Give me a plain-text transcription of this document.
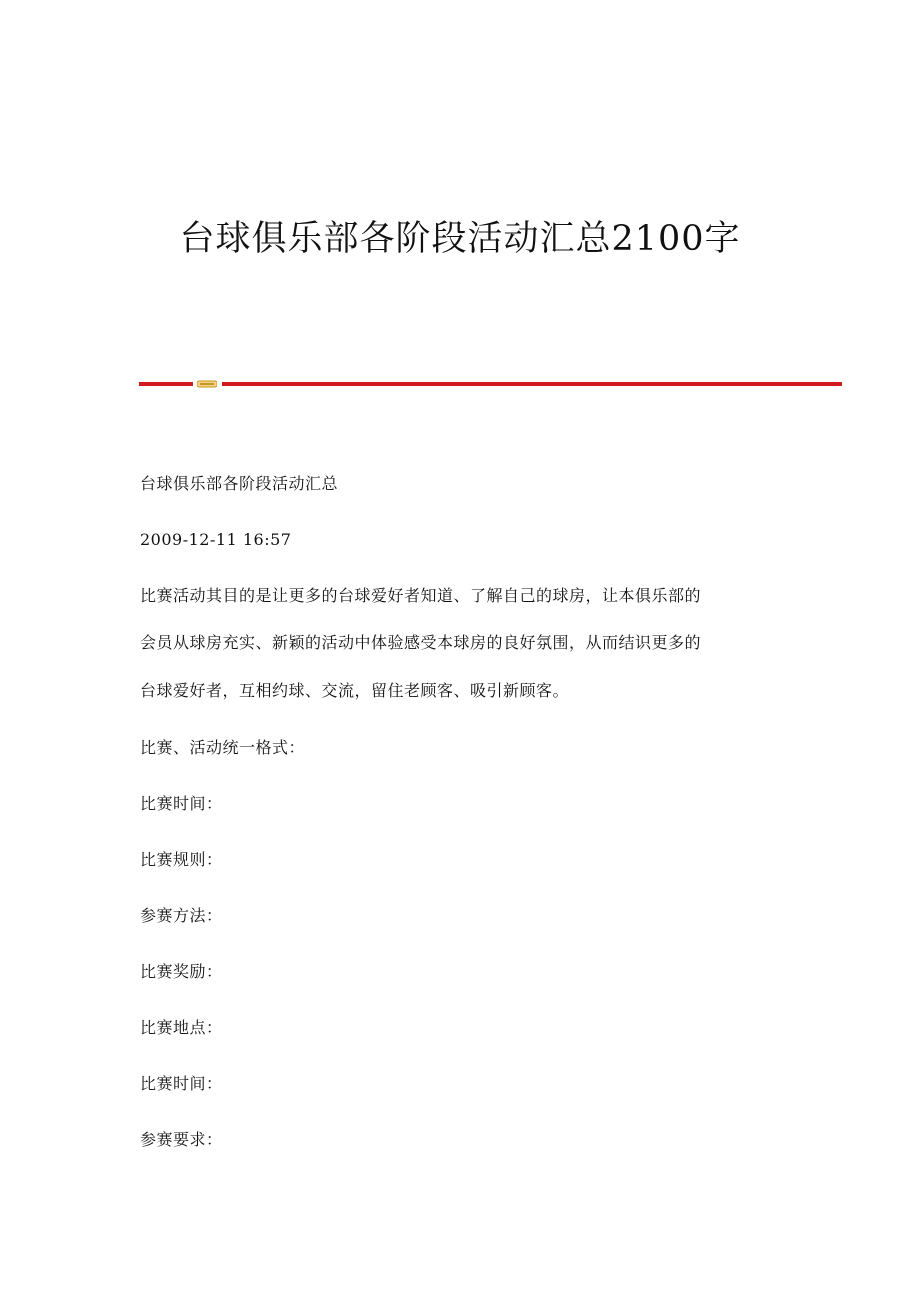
台球俱乐部各阶段活动汇总2100字
台球俱乐部各阶段活动汇总
2009-12-11 16:57
比赛活动其目的是让更多的台球爱好者知道、了解自己的球房，让本俱乐部的
会员从球房充实、新颖的活动中体验感受本球房的良好氛围，从而结识更多的
台球爱好者，互相约球、交流，留住老顾客、吸引新顾客。
比赛、活动统一格式：
比赛时间：
比赛规则：
参赛方法：
比赛奖励：
比赛地点：
比赛时间：
参赛要求：
